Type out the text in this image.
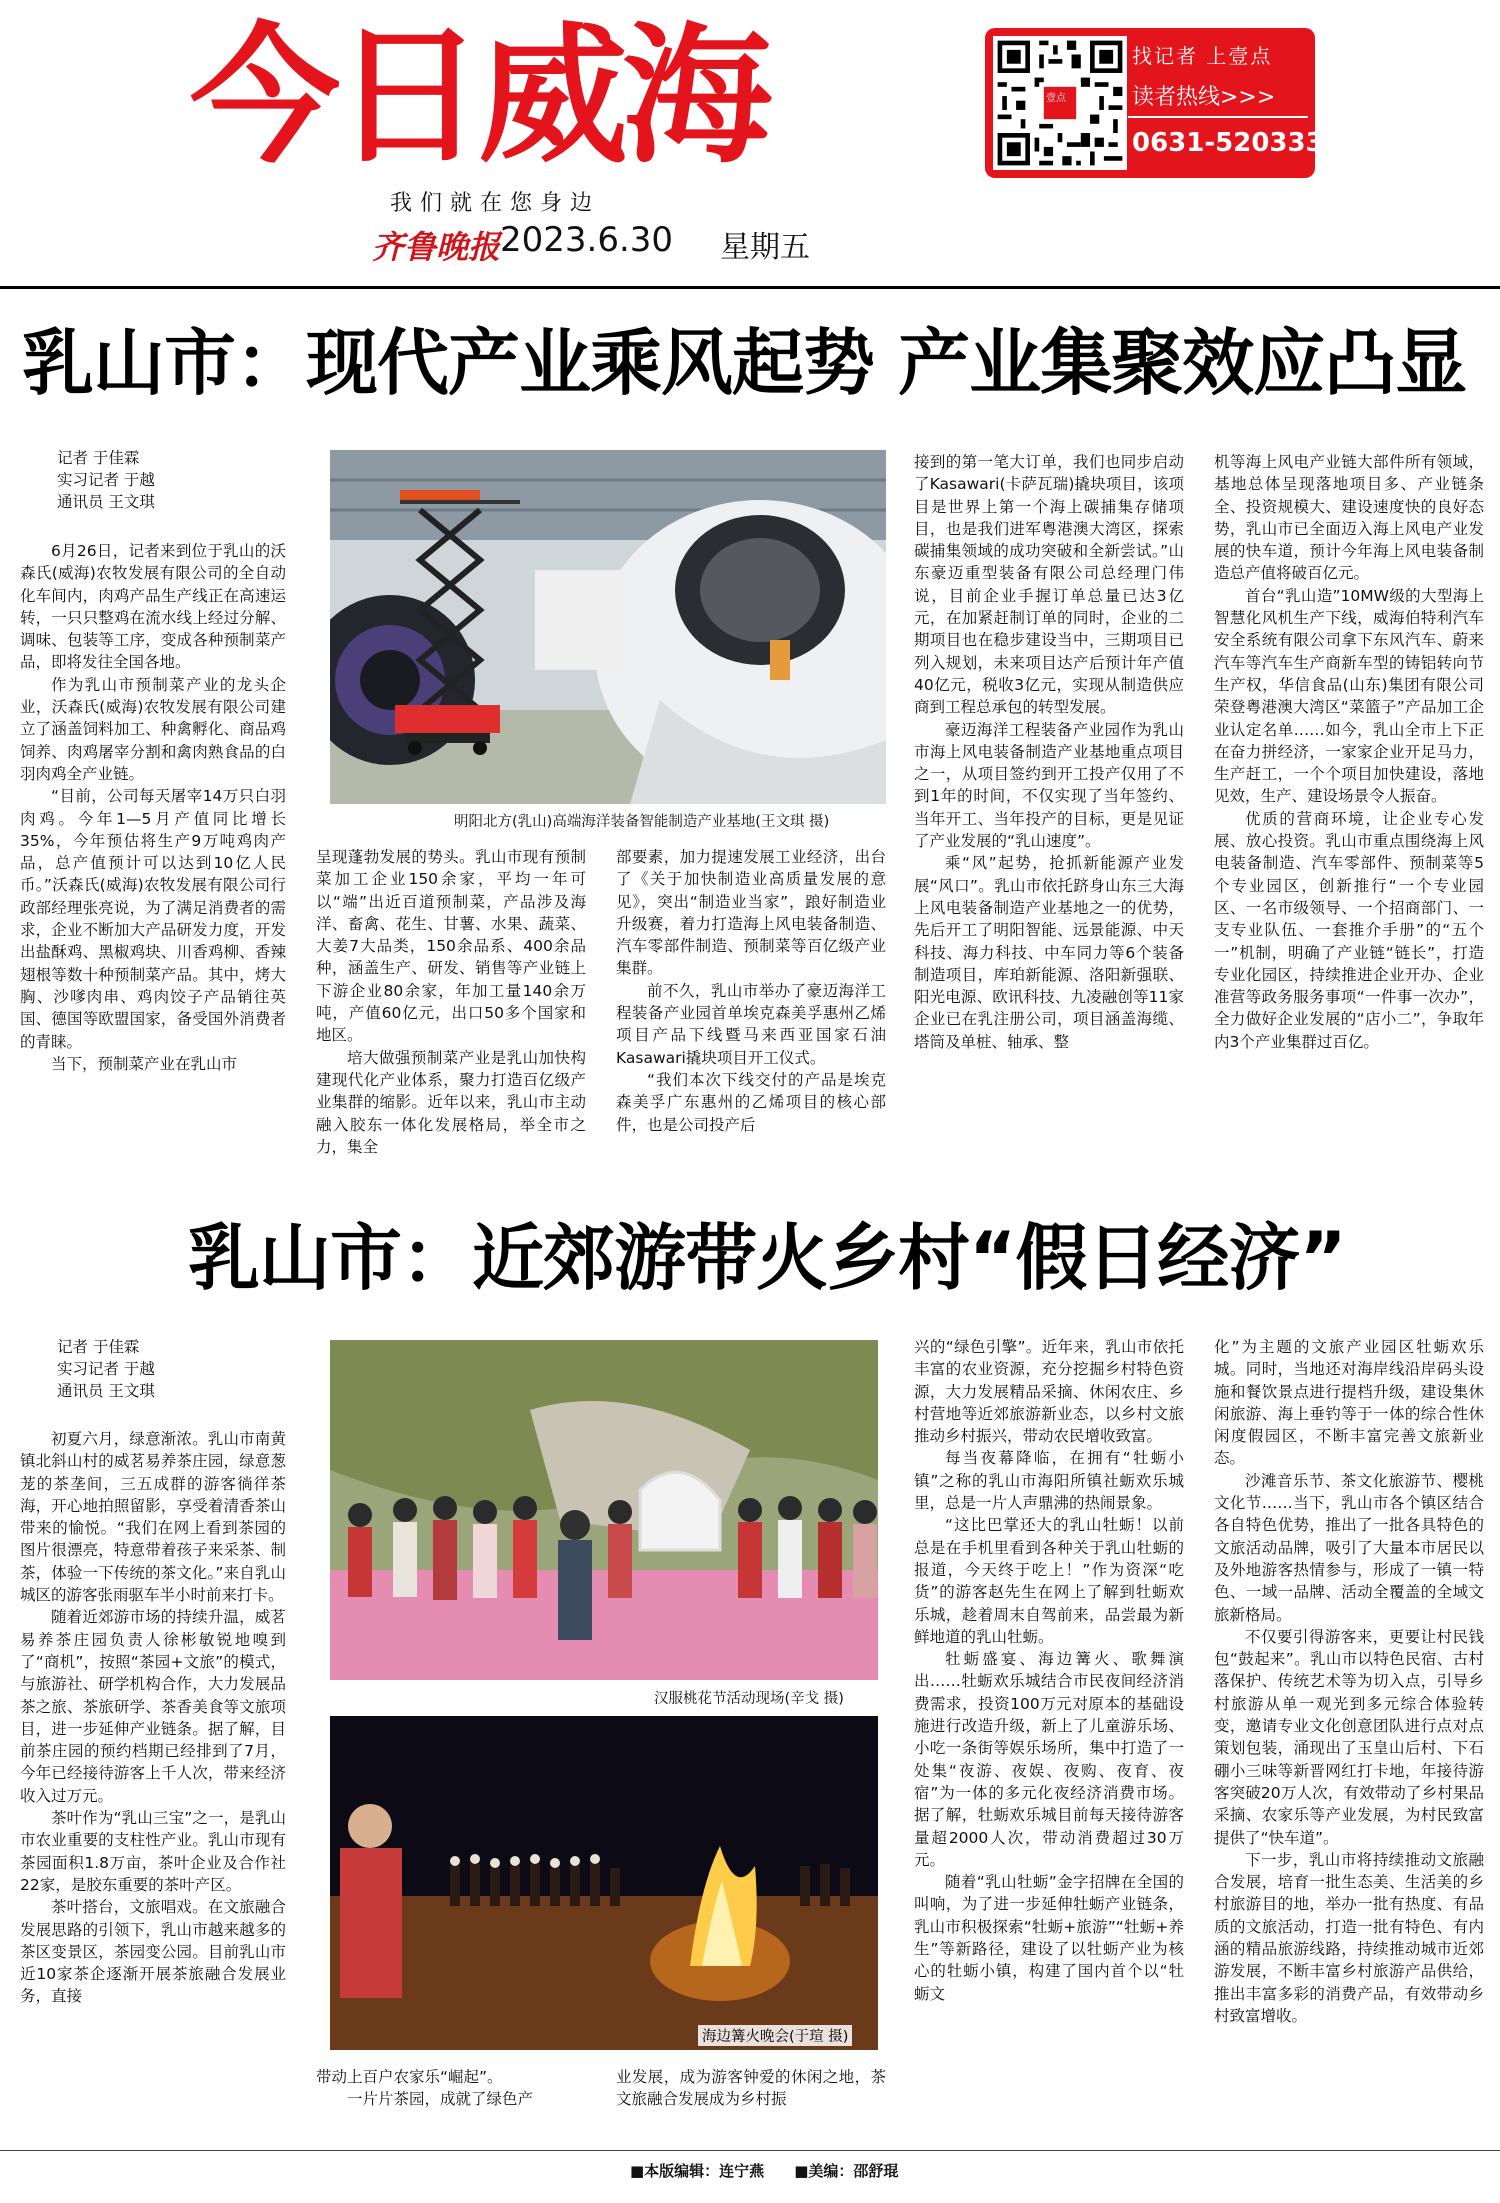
今日威海
我们就在您身边
齐鲁晚报 2023.6.30 星期五
壹点
找记者 上壹点
读者热线>>>
0631-5203337
乳山市：现代产业乘风起势 产业集聚效应凸显
记者 于佳霖
实习记者 于越
通讯员 王文琪
明阳北方(乳山)高端海洋装备智能制造产业基地(王文琪 摄)

6月26日，记者来到位于乳山的沃森氏(威海)农牧发展有限公司的全自动化车间内，肉鸡产品生产线正在高速运转，一只只整鸡在流水线上经过分解、调味、包装等工序，变成各种预制菜产品，即将发往全国各地。

作为乳山市预制菜产业的龙头企业，沃森氏(威海)农牧发展有限公司建立了涵盖饲料加工、种禽孵化、商品鸡饲养、肉鸡屠宰分割和禽肉熟食品的白羽肉鸡全产业链。

“目前，公司每天屠宰14万只白羽肉鸡。今年1—5月产值同比增长35%，今年预估将生产9万吨鸡肉产品，总产值预计可以达到10亿人民币。”沃森氏(威海)农牧发展有限公司行政部经理张亮说，为了满足消费者的需求，企业不断加大产品研发力度，开发出盐酥鸡、黑椒鸡块、川香鸡柳、香辣翅根等数十种预制菜产品。其中，烤大胸、沙嗲肉串、鸡肉饺子产品销往英国、德国等欧盟国家，备受国外消费者的青睐。

当下，预制菜产业在乳山市

呈现蓬勃发展的势头。乳山市现有预制菜加工企业150余家，平均一年可以“端”出近百道预制菜，产品涉及海洋、畜禽、花生、甘薯、水果、蔬菜、大姜7大品类，150余品系、400余品种，涵盖生产、研发、销售等产业链上下游企业80余家，年加工量140余万吨，产值60亿元，出口50多个国家和地区。

培大做强预制菜产业是乳山加快构建现代化产业体系，聚力打造百亿级产业集群的缩影。近年以来，乳山市主动融入胶东一体化发展格局，举全市之力，集全

部要素，加力提速发展工业经济，出台了《关于加快制造业高质量发展的意见》，突出“制造业当家”，踉好制造业升级赛，着力打造海上风电装备制造、汽车零部件制造、预制菜等百亿级产业集群。

前不久，乳山市举办了豪迈海洋工程装备产业园首单埃克森美孚惠州乙烯项目产品下线暨马来西亚国家石油Kasawari撬块项目开工仪式。

“我们本次下线交付的产品是埃克森美孚广东惠州的乙烯项目的核心部件，也是公司投产后

接到的第一笔大订单，我们也同步启动了Kasawari(卡萨瓦瑞)撬块项目，该项目是世界上第一个海上碳捕集存储项目，也是我们进军粤港澳大湾区，探索碳捕集领域的成功突破和全新尝试。”山东豪迈重型装备有限公司总经理门伟说，目前企业手握订单总量已达3亿元，在加紧赶制订单的同时，企业的二期项目也在稳步建设当中，三期项目已列入规划，未来项目达产后预计年产值40亿元，税收3亿元，实现从制造供应商到工程总承包的转型发展。

豪迈海洋工程装备产业园作为乳山市海上风电装备制造产业基地重点项目之一，从项目签约到开工投产仅用了不到1年的时间，不仅实现了当年签约、当年开工、当年投产的目标，更是见证了产业发展的“乳山速度”。

乘“风”起势，抢抓新能源产业发展“风口”。乳山市依托跻身山东三大海上风电装备制造产业基地之一的优势，先后开工了明阳智能、远景能源、中天科技、海力科技、中车同力等6个装备制造项目，库珀新能源、洛阳新强联、阳光电源、欧讯科技、九凌融创等11家企业已在乳注册公司，项目涵盖海缆、塔筒及单桩、轴承、整

机等海上风电产业链大部件所有领域，基地总体呈现落地项目多、产业链条全、投资规模大、建设速度快的良好态势，乳山市已全面迈入海上风电产业发展的快车道，预计今年海上风电装备制造总产值将破百亿元。

首台“乳山造”10MW级的大型海上智慧化风机生产下线，威海伯特利汽车安全系统有限公司拿下东风汽车、蔚来汽车等汽车生产商新车型的铸铝转向节生产权，华信食品(山东)集团有限公司荣登粤港澳大湾区“菜篮子”产品加工企业认定名单……如今，乳山全市上下正在奋力拼经济，一家家企业开足马力，生产赶工，一个个项目加快建设，落地见效，生产、建设场景令人振奋。

优质的营商环境，让企业专心发展、放心投资。乳山市重点围绕海上风电装备制造、汽车零部件、预制菜等5个专业园区，创新推行“一个专业园区、一名市级领导、一个招商部门、一支专业队伍、一套推介手册”的“五个一”机制，明确了产业链“链长”，打造专业化园区，持续推进企业开办、企业准营等政务服务事项“一件事一次办”，全力做好企业发展的“店小二”，争取年内3个产业集群过百亿。

乳山市：近郊游带火乡村“假日经济”
记者 于佳霖
实习记者 于越
通讯员 王文琪
汉服桃花节活动现场(辛戈 摄)
海边篝火晚会(于瑄 摄)

初夏六月，绿意渐浓。乳山市南黄镇北斜山村的威茗易养茶庄园，绿意葱茏的茶垄间，三五成群的游客徜徉茶海，开心地拍照留影，享受着清香茶山带来的愉悦。“我们在网上看到茶园的图片很漂亮，特意带着孩子来采茶、制茶，体验一下传统的茶文化。”来自乳山城区的游客张雨驱车半小时前来打卡。

随着近郊游市场的持续升温，威茗易养茶庄园负责人徐彬敏锐地嗅到了“商机”，按照“茶园+文旅”的模式，与旅游社、研学机构合作，大力发展品茶之旅、茶旅研学、茶香美食等文旅项目，进一步延伸产业链条。据了解，目前茶庄园的预约档期已经排到了7月，今年已经接待游客上千人次，带来经济收入过万元。

茶叶作为“乳山三宝”之一，是乳山市农业重要的支柱性产业。乳山市现有茶园面积1.8万亩，茶叶企业及合作社22家，是胶东重要的茶叶产区。

茶叶搭台，文旅唱戏。在文旅融合发展思路的引领下，乳山市越来越多的茶区变景区，茶园变公园。目前乳山市近10家茶企逐渐开展茶旅融合发展业务，直接

带动上百户农家乐“崛起”。

一片片茶园，成就了绿色产

业发展，成为游客钟爱的休闲之地，茶文旅融合发展成为乡村振

兴的“绿色引擎”。近年来，乳山市依托丰富的农业资源，充分挖掘乡村特色资源，大力发展精品采摘、休闲农庄、乡村营地等近郊旅游新业态，以乡村文旅推动乡村振兴，带动农民增收致富。

每当夜幕降临，在拥有“牡蛎小镇”之称的乳山市海阳所镇社蛎欢乐城里，总是一片人声鼎沸的热闹景象。

“这比巴掌还大的乳山牡蛎！以前总是在手机里看到各种关于乳山牡蛎的报道，今天终于吃上！”作为资深“吃货”的游客赵先生在网上了解到牡蛎欢乐城，趁着周末自驾前来，品尝最为新鲜地道的乳山牡蛎。

牡蛎盛宴、海边篝火、歌舞演出……牡蛎欢乐城结合市民夜间经济消费需求，投资100万元对原本的基础设施进行改造升级，新上了儿童游乐场、小吃一条街等娱乐场所，集中打造了一处集“夜游、夜娱、夜购、夜育、夜宿”为一体的多元化夜经济消费市场。据了解，牡蛎欢乐城目前每天接待游客量超2000人次，带动消费超过30万元。

随着“乳山牡蛎”金字招牌在全国的叫响，为了进一步延伸牡蛎产业链条，乳山市积极探索“牡蛎+旅游”“牡蛎+养生”等新路径，建设了以牡蛎产业为核心的牡蛎小镇，构建了国内首个以“牡蛎文

化”为主题的文旅产业园区牡蛎欢乐城。同时，当地还对海岸线沿岸码头设施和餐饮景点进行提档升级，建设集休闲旅游、海上垂钓等于一体的综合性休闲度假园区，不断丰富完善文旅新业态。

沙滩音乐节、茶文化旅游节、樱桃文化节……当下，乳山市各个镇区结合各自特色优势，推出了一批各具特色的文旅活动品牌，吸引了大量本市居民以及外地游客热情参与，形成了一镇一特色、一域一品牌、活动全覆盖的全域文旅新格局。

不仅要引得游客来，更要让村民钱包“鼓起来”。乳山市以特色民宿、古村落保护、传统艺术等为切入点，引导乡村旅游从单一观光到多元综合体验转变，邀请专业文化创意团队进行点对点策划包装，涌现出了玉皇山后村、下石硼小三味等新晋网红打卡地，年接待游客突破20万人次，有效带动了乡村果品采摘、农家乐等产业发展，为村民致富提供了“快车道”。

下一步，乳山市将持续推动文旅融合发展，培育一批生态美、生活美的乡村旅游目的地，举办一批有热度、有品质的文旅活动，打造一批有特色、有内涵的精品旅游线路，持续推动城市近郊游发展，不断丰富乡村旅游产品供给，推出丰富多彩的消费产品，有效带动乡村致富增收。

■本版编辑：连宁燕 ■美编：邵舒琨
